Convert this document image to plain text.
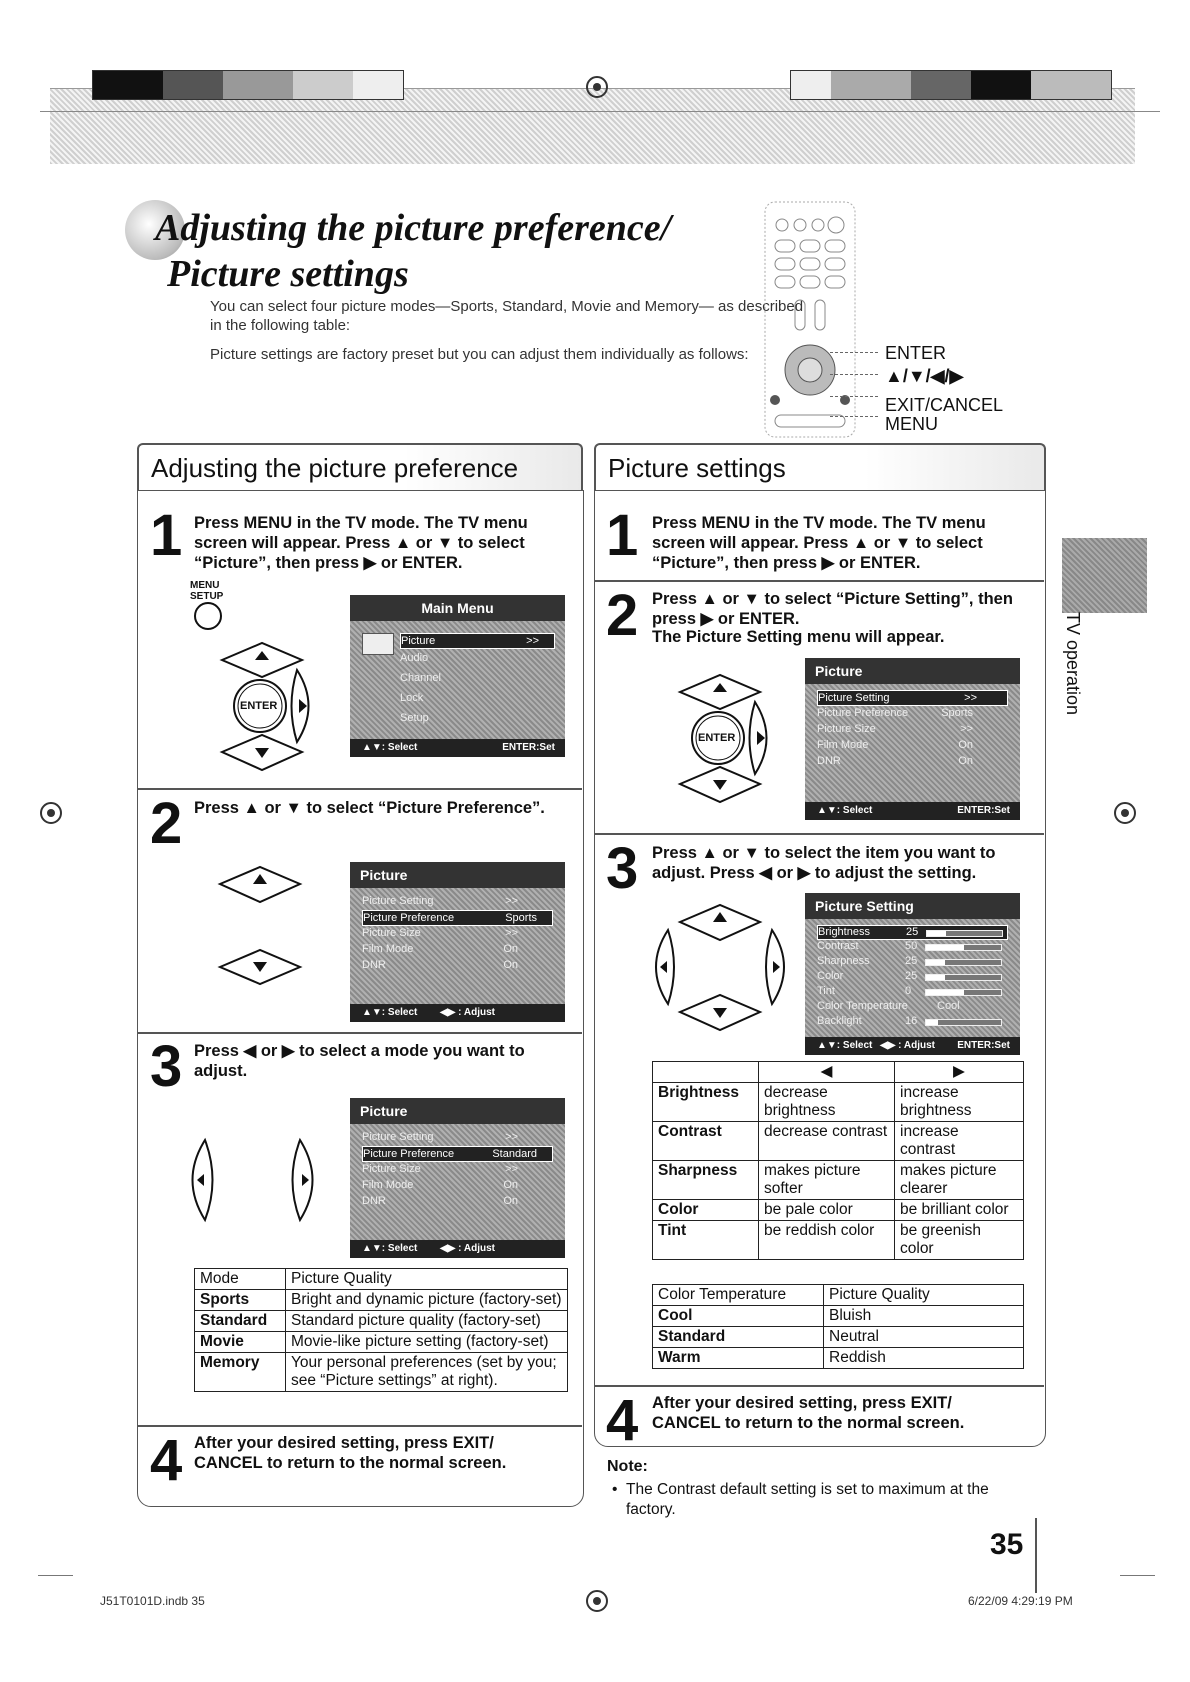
Adjusting the picture preference/
Picture settings

You can select four picture modes—Sports, Standard, Movie and Memory— as described in the following table:

Picture settings are factory preset but you can adjust them individually as follows:	ENTER
▲/▼/◀/▶
EXIT/CANCEL
MENU
Adjusting the picture preference
1 Press MENU in the TV mode. The TV menu screen will appear. Press ▲ or ▼ to select “Picture”, then press ▶ or ENTER.
MENU
SETUP
ENTER
Main Menu
Picture	>>
Audio
Channel
Lock
Setup
▲▼: Select	ENTER:Set
2 Press ▲ or ▼ to select “Picture Preference”.
Picture
Picture Setting	>>
Picture Preference	Sports
Picture Size	>>
Film Mode	On
DNR	On
▲▼: Select ◀▶ : Adjust
3 Press ◀ or ▶ to select a mode you want to adjust.
Picture
Picture Setting	>>
Picture Preference	Standard
Picture Size	>>
Film Mode	On
DNR	On
▲▼: Select ◀▶ : Adjust
Mode	Picture Quality
Sports	Bright and dynamic picture (factory-set)
Standard	Standard picture quality (factory-set)
Movie	Movie-like picture setting (factory-set)
Memory	Your personal preferences (set by you; see “Picture settings” at right).
4 After your desired setting, press EXIT/ CANCEL to return to the normal screen.
Picture settings
1 Press MENU in the TV mode. The TV menu screen will appear. Press ▲ or ▼ to select “Picture”, then press ▶ or ENTER.
2 Press ▲ or ▼ to select “Picture Setting”, then press ▶ or ENTER.
The Picture Setting menu will appear.
ENTER
Picture
Picture Setting	>>
Picture Preference	Sports
Picture Size	>>
Film Mode	On
DNR	On
▲▼: Select	ENTER:Set
3 Press ▲ or ▼ to select the item you want to adjust. Press ◀ or ▶ to adjust the setting.
Picture Setting
Brightness	25
Contrast	50
Sharpness	25
Color	25
Tint	0
Color Temperature	Cool
Backlight	16
▲▼: Select ◀▶ : Adjust ENTER:Set
	◀	▶
Brightness	decrease brightness	increase brightness
Contrast	decrease contrast	increase contrast
Sharpness	makes picture softer	makes picture clearer
Color	be pale color	be brilliant color
Tint	be reddish color	be greenish color
Color Temperature	Picture Quality
Cool	Bluish
Standard	Neutral
Warm	Reddish
4 After your desired setting, press EXIT/ CANCEL to return to the normal screen.
Note:
• The Contrast default setting is set to maximum at the factory.
TV operation
35
J51T0101D.indb 35	6/22/09 4:29:19 PM
